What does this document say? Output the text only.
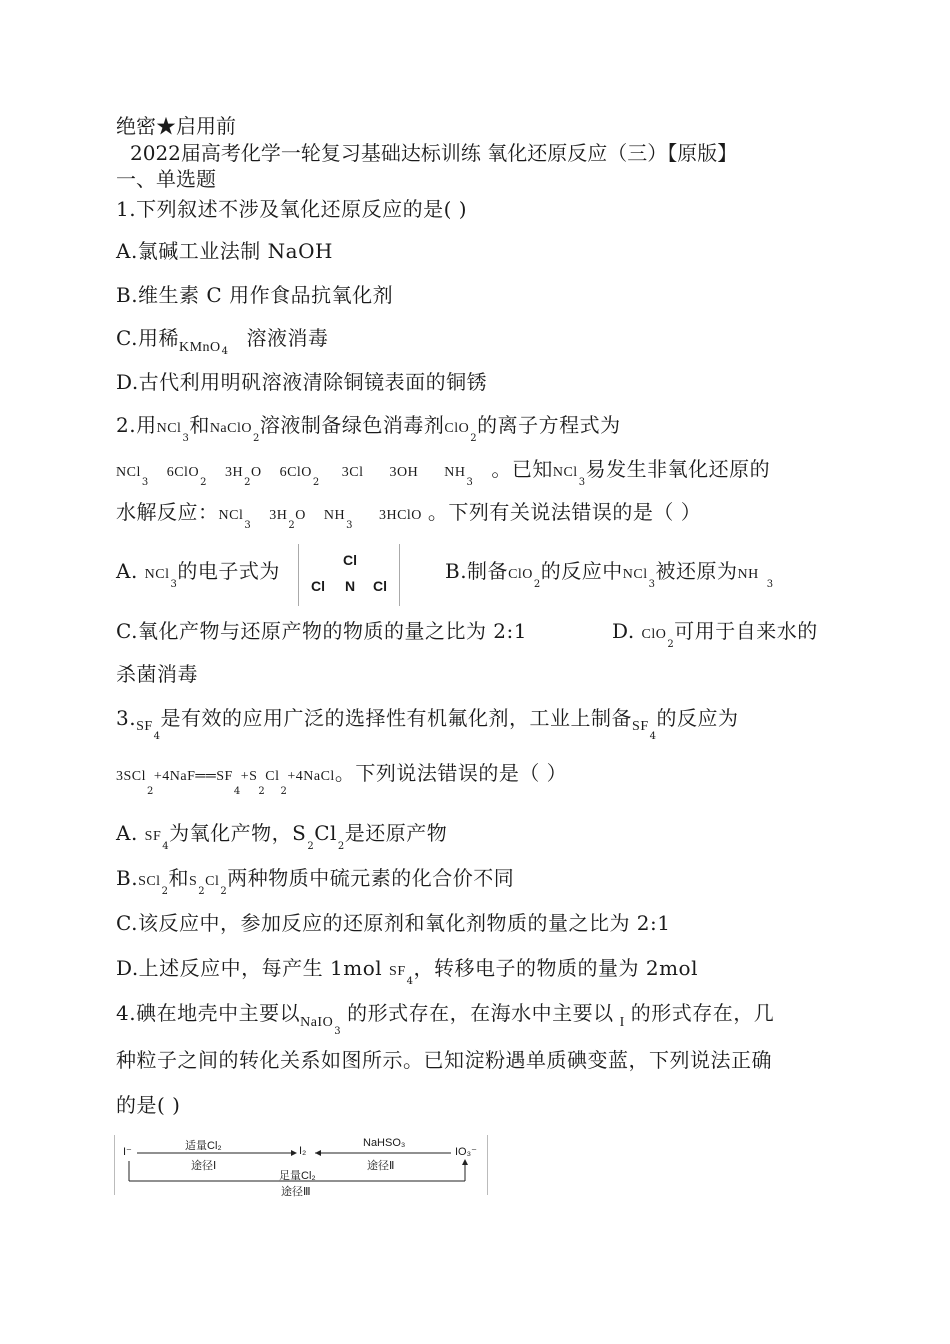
绝密★启用前
2022届高考化学一轮复习基础达标训练 氧化还原反应（三）【原版】
一、单选题
1.下列叙述不涉及氧化还原反应的是( )
A.氯碱工业法制 NaOH
B.维生素 C 用作食品抗氧化剂
C.用稀$_{KMnO4}$溶液消毒
D.古代利用明矾溶液清除铜镜表面的铜锈
2.用NCl$_3$和NaClO$_2$溶液制备绿色消毒剂ClO$_2$的离子方程式为
$NCl_36ClO_23H_2O$ 6ClO$_2$3Cl 3OH $NH_3$。已知NCl$_3$易发生非氧化还原的
水解反应：$NCl_33H_2O$ $NH_33HClO$ 。下列有关说法错误的是（ ）
A. NCl$_3$的电子式为	Cl
Cl N Cl
B.制备ClO$_2$的反应中NCl$_3$被还原为$NH_3$
C.氧化产物与还原产物的物质的量之比为 2:1	D. ClO$_2$可用于自来水的
杀菌消毒
$3._{SF4}$是有效的应用广泛的选择性有机氟化剂，工业上制备$_{SF4}$的反应为
$3SCl_2+4NaF══SF_4+S_2Cl_2+4NaCl$。下列说法错误的是（ ）
A. $SF_4$为氧化产物，$S_2Cl_2$是还原产物
B.SCl$_2$和$S_2Cl_2$两种物质中硫元素的化合价不同
C.该反应中，参加反应的还原剂和氧化剂物质的量之比为 2:1
D.上述反应中，每产生 1mol $SF_4$，转移电子的物质的量为 2mol
4.碘在地壳中主要以$_{NaIO3}$的形式存在，在海水中主要以 $_I$ 的形式存在，几
种粒子之间的转化关系如图所示。已知淀粉遇单质碘变蓝，下列说法正确
的是( )
I⁻	适量Cl₂
途径Ⅰ
I₂
NaHSO₃
途径Ⅱ
IO₃⁻
足量Cl₂
途径Ⅲ
